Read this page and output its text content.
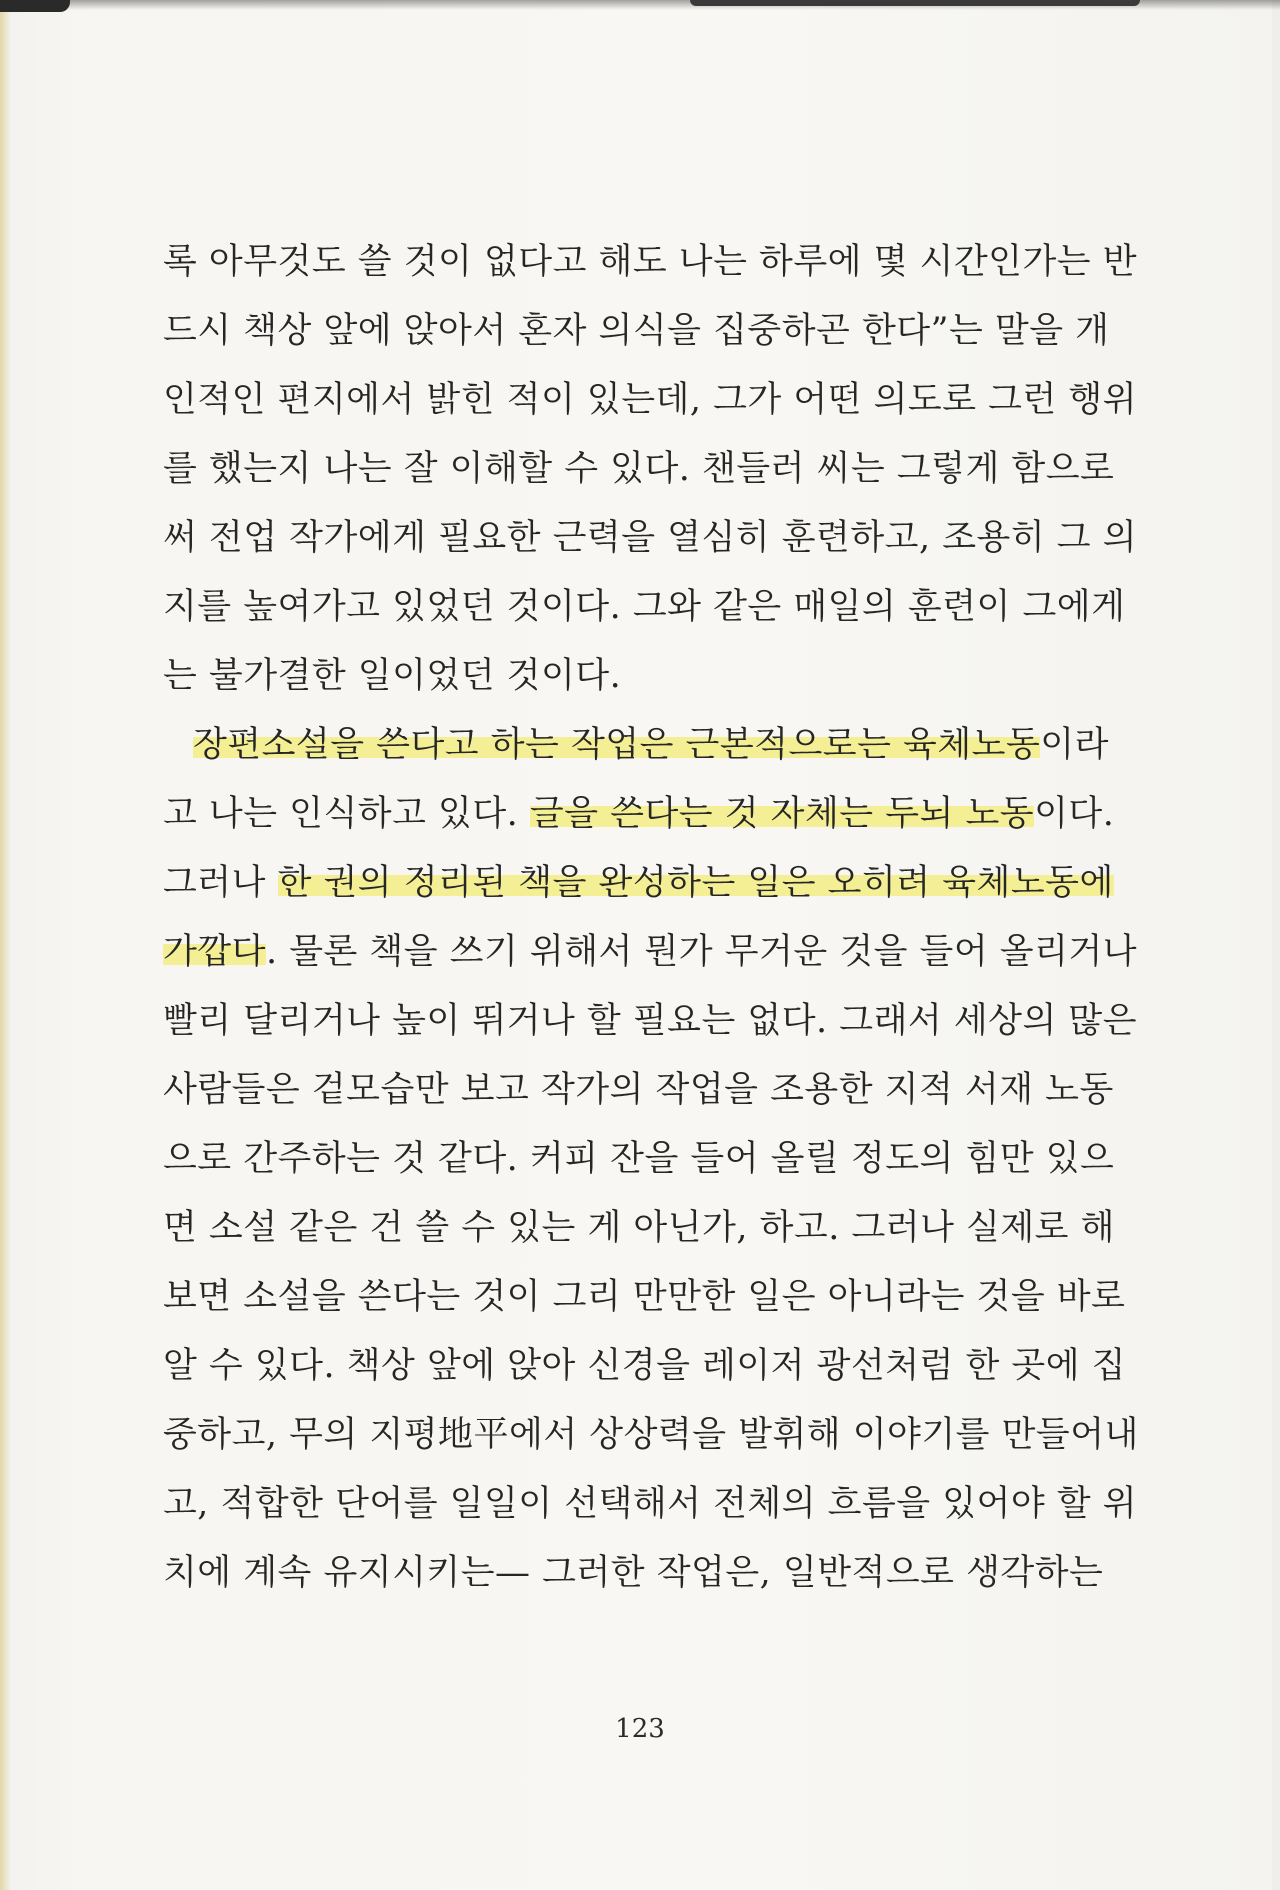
록 아무것도 쓸 것이 없다고 해도 나는 하루에 몇 시간인가는 반
드시 책상 앞에 앉아서 혼자 의식을 집중하곤 한다”는 말을 개
인적인 편지에서 밝힌 적이 있는데, 그가 어떤 의도로 그런 행위
를 했는지 나는 잘 이해할 수 있다. 챈들러 씨는 그렇게 함으로
써 전업 작가에게 필요한 근력을 열심히 훈련하고, 조용히 그 의
지를 높여가고 있었던 것이다. 그와 같은 매일의 훈련이 그에게
는 불가결한 일이었던 것이다.
장편소설을 쓴다고 하는 작업은 근본적으로는 육체노동이라
고 나는 인식하고 있다. 글을 쓴다는 것 자체는 두뇌 노동이다.
그러나 한 권의 정리된 책을 완성하는 일은 오히려 육체노동에
가깝다. 물론 책을 쓰기 위해서 뭔가 무거운 것을 들어 올리거나
빨리 달리거나 높이 뛰거나 할 필요는 없다. 그래서 세상의 많은
사람들은 겉모습만 보고 작가의 작업을 조용한 지적 서재 노동
으로 간주하는 것 같다. 커피 잔을 들어 올릴 정도의 힘만 있으
면 소설 같은 건 쓸 수 있는 게 아닌가, 하고. 그러나 실제로 해
보면 소설을 쓴다는 것이 그리 만만한 일은 아니라는 것을 바로
알 수 있다. 책상 앞에 앉아 신경을 레이저 광선처럼 한 곳에 집
중하고, 무의 지평地平에서 상상력을 발휘해 이야기를 만들어내
고, 적합한 단어를 일일이 선택해서 전체의 흐름을 있어야 할 위
치에 계속 유지시키는— 그러한 작업은, 일반적으로 생각하는
123
